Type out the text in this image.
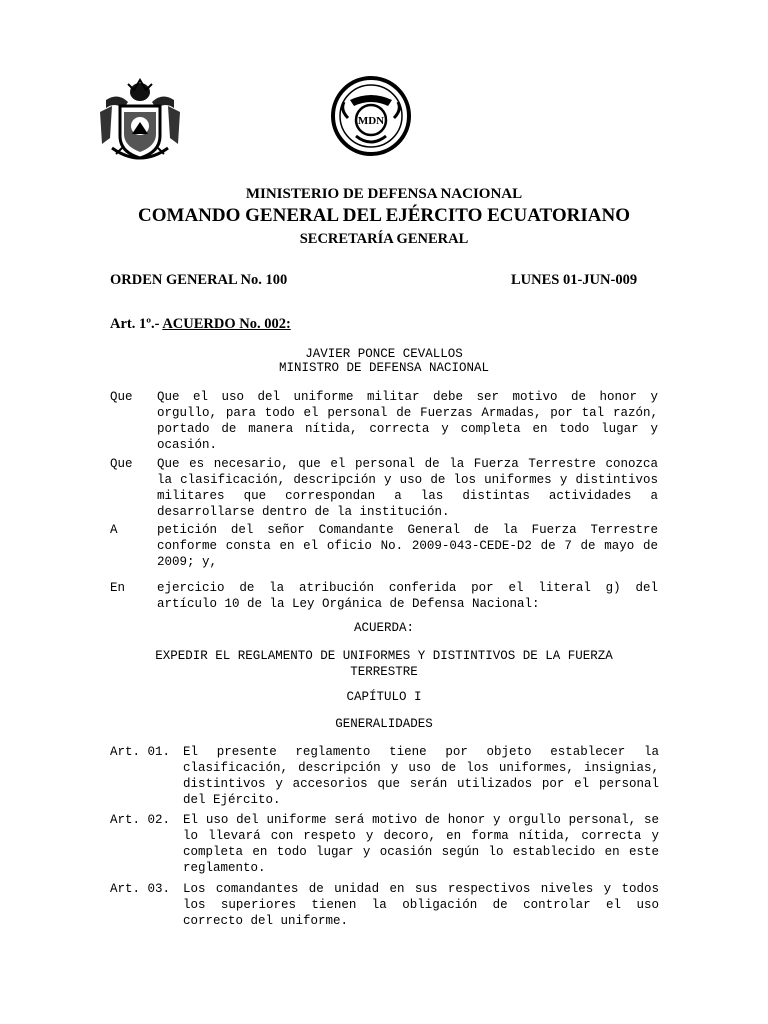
MDN
MINISTERIO DE DEFENSA NACIONAL
COMANDO GENERAL DEL EJÉRCITO ECUATORIANO
SECRETARÍA GENERAL
ORDEN GENERAL No. 100	LUNES 01-JUN-009
Art. 1º.- ACUERDO No. 002:
JAVIER PONCE CEVALLOS
MINISTRO DE DEFENSA NACIONAL
Que Que el uso del uniforme militar debe ser motivo de honor y orgullo, para todo el personal de Fuerzas Armadas, por tal razón, portado de manera nítida, correcta y completa en todo lugar y ocasión.
Que Que es necesario, que el personal de la Fuerza Terrestre conozca la clasificación, descripción y uso de los uniformes y distintivos militares que correspondan a las distintas actividades a desarrollarse dentro de la institución.
A	petición del señor Comandante General de la Fuerza Terrestre conforme consta en el oficio No. 2009-043-CEDE-D2 de 7 de mayo de 2009; y,
En	ejercicio de la atribución conferida por el literal g) del artículo 10 de la Ley Orgánica de Defensa Nacional:
ACUERDA:
EXPEDIR EL REGLAMENTO DE UNIFORMES Y DISTINTIVOS DE LA FUERZA TERRESTRE
CAPÍTULO I
GENERALIDADES
Art. 01. El presente reglamento tiene por objeto establecer la clasificación, descripción y uso de los uniformes, insignias, distintivos y accesorios que serán utilizados por el personal del Ejército.
Art. 02. El uso del uniforme será motivo de honor y orgullo personal, se lo llevará con respeto y decoro, en forma nítida, correcta y completa en todo lugar y ocasión según lo establecido en este reglamento.
Art. 03. Los comandantes de unidad en sus respectivos niveles y todos los superiores tienen la obligación de controlar el uso correcto del uniforme.
